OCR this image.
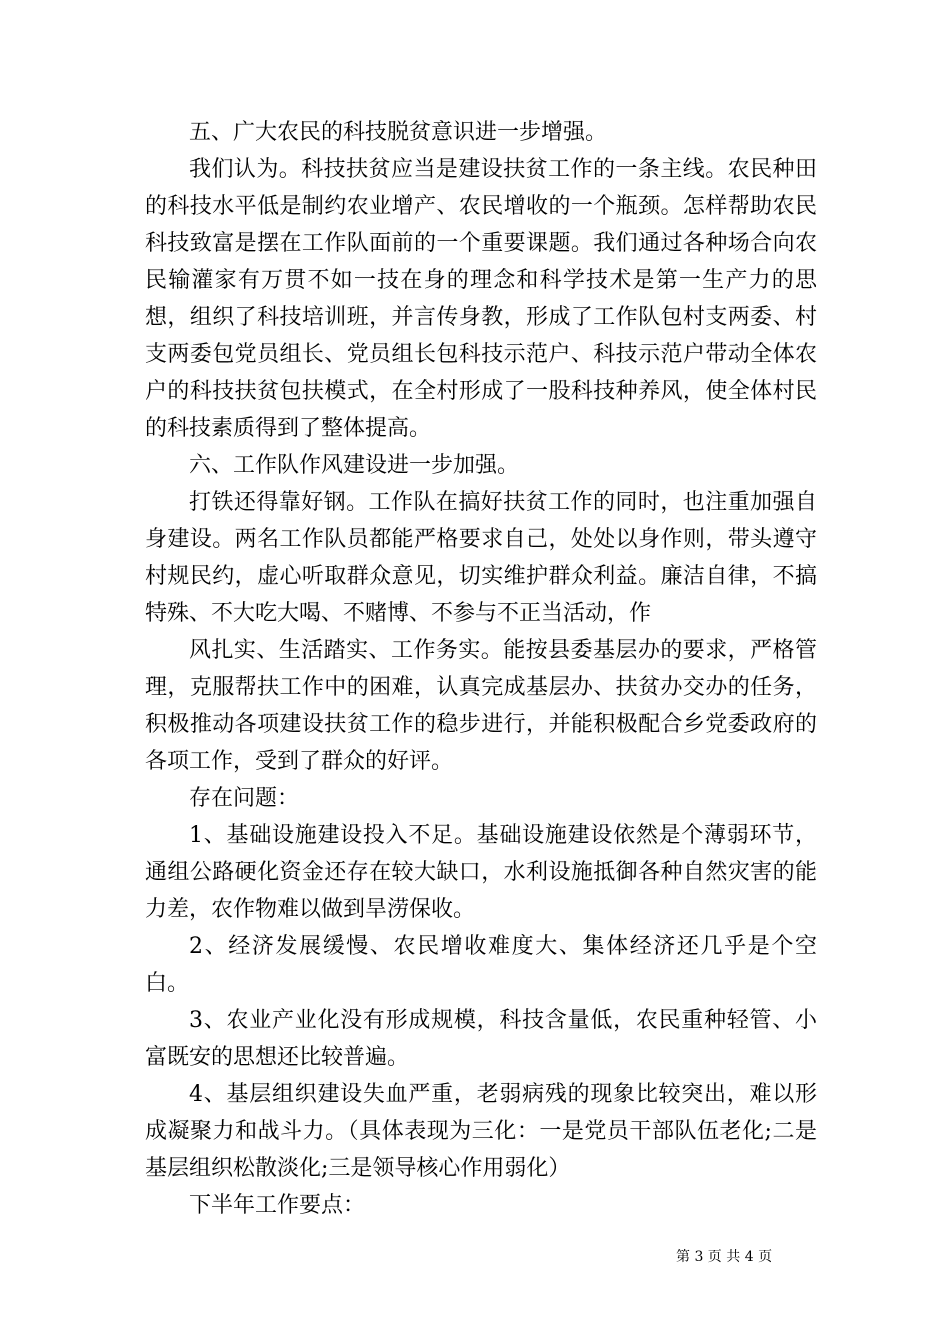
五、广大农民的科技脱贫意识进一步增强。

我们认为。科技扶贫应当是建设扶贫工作的一条主线。农民种田的科技水平低是制约农业增产、农民增收的一个瓶颈。怎样帮助农民科技致富是摆在工作队面前的一个重要课题。我们通过各种场合向农民输灌家有万贯不如一技在身的理念和科学技术是第一生产力的思想，组织了科技培训班，并言传身教，形成了工作队包村支两委、村支两委包党员组长、党员组长包科技示范户、科技示范户带动全体农户的科技扶贫包扶模式，在全村形成了一股科技种养风，使全体村民的科技素质得到了整体提高。

六、工作队作风建设进一步加强。

打铁还得靠好钢。工作队在搞好扶贫工作的同时，也注重加强自身建设。两名工作队员都能严格要求自己，处处以身作则，带头遵守村规民约，虚心听取群众意见，切实维护群众利益。廉洁自律，不搞特殊、不大吃大喝、不赌博、不参与不正当活动，作

风扎实、生活踏实、工作务实。能按县委基层办的要求，严格管理，克服帮扶工作中的困难，认真完成基层办、扶贫办交办的任务，积极推动各项建设扶贫工作的稳步进行，并能积极配合乡党委政府的各项工作，受到了群众的好评。

存在问题：

1、基础设施建设投入不足。基础设施建设依然是个薄弱环节，通组公路硬化资金还存在较大缺口，水利设施抵御各种自然灾害的能力差，农作物难以做到旱涝保收。

2、经济发展缓慢、农民增收难度大、集体经济还几乎是个空白。

3、农业产业化没有形成规模，科技含量低，农民重种轻管、小富既安的思想还比较普遍。

4、基层组织建设失血严重，老弱病残的现象比较突出，难以形成凝聚力和战斗力。（具体表现为三化：一是党员干部队伍老化;二是基层组织松散淡化;三是领导核心作用弱化）

下半年工作要点：

第 3 页 共 4 页
